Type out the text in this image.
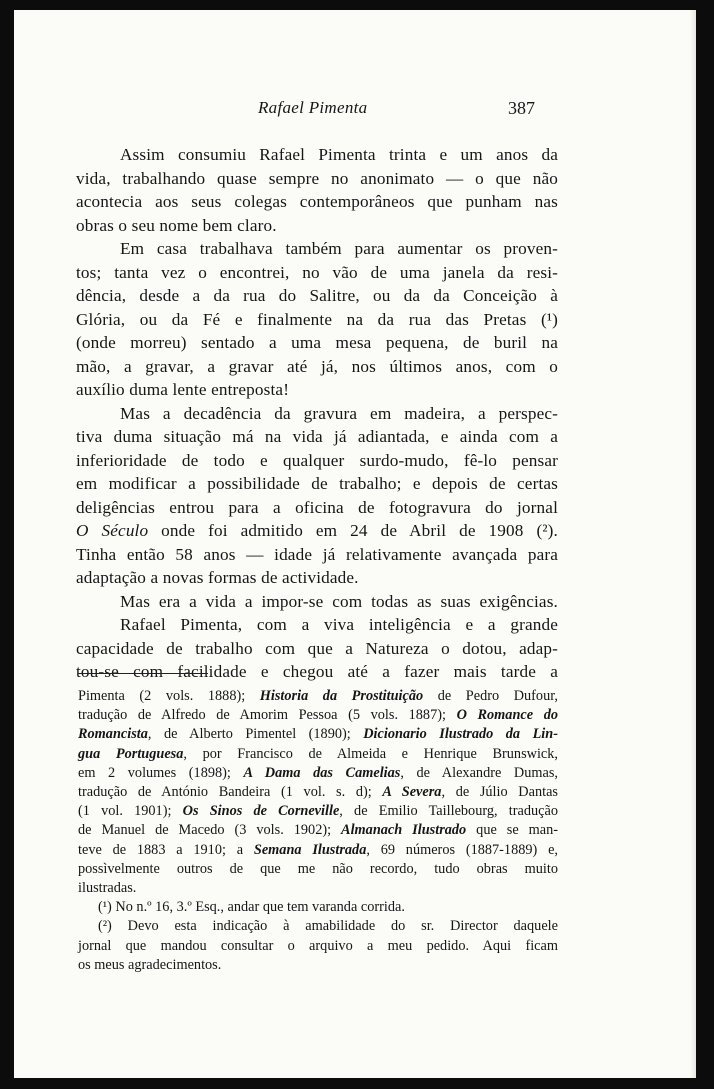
Rafael Pimenta	387
Assim consumiu Rafael Pimenta trinta e um anos da
vida, trabalhando quase sempre no anonimato — o que não
acontecia aos seus colegas contemporâneos que punham nas
obras o seu nome bem claro.
Em casa trabalhava também para aumentar os proven-
tos; tanta vez o encontrei, no vão de uma janela da resi-
dência, desde a da rua do Salitre, ou da da Conceição à
Glória, ou da Fé e finalmente na da rua das Pretas (¹)
(onde morreu) sentado a uma mesa pequena, de buril na
mão, a gravar, a gravar até já, nos últimos anos, com o
auxílio duma lente entreposta!
Mas a decadência da gravura em madeira, a perspec-
tiva duma situação má na vida já adiantada, e ainda com a
inferioridade de todo e qualquer surdo-mudo, fê-lo pensar
em modificar a possibilidade de trabalho; e depois de certas
deligências entrou para a oficina de fotogravura do jornal
O Século onde foi admitido em 24 de Abril de 1908 (²).
Tinha então 58 anos — idade já relativamente avançada para
adaptação a novas formas de actividade.
Mas era a vida a impor-se com todas as suas exigências.
Rafael Pimenta, com a viva inteligência e a grande
capacidade de trabalho com que a Natureza o dotou, adap-
tou-se com facilidade e chegou até a fazer mais tarde a
Pimenta (2 vols. 1888); Historia da Prostituição de Pedro Dufour,
tradução de Alfredo de Amorim Pessoa (5 vols. 1887); O Romance do
Romancista, de Alberto Pimentel (1890); Dicionario Ilustrado da Lin-
gua Portuguesa, por Francisco de Almeida e Henrique Brunswick,
em 2 volumes (1898); A Dama das Camelias, de Alexandre Dumas,
tradução de António Bandeira (1 vol. s. d); A Severa, de Júlio Dantas
(1 vol. 1901); Os Sinos de Corneville, de Emilio Taillebourg, tradução
de Manuel de Macedo (3 vols. 1902); Almanach Ilustrado que se man-
teve de 1883 a 1910; a Semana Ilustrada, 69 números (1887-1889) e,
possìvelmente outros de que me não recordo, tudo obras muito
ilustradas.
(¹) No n.º 16, 3.º Esq., andar que tem varanda corrida.
(²) Devo esta indicação à amabilidade do sr. Director daquele
jornal que mandou consultar o arquivo a meu pedido. Aqui ficam
os meus agradecimentos.
